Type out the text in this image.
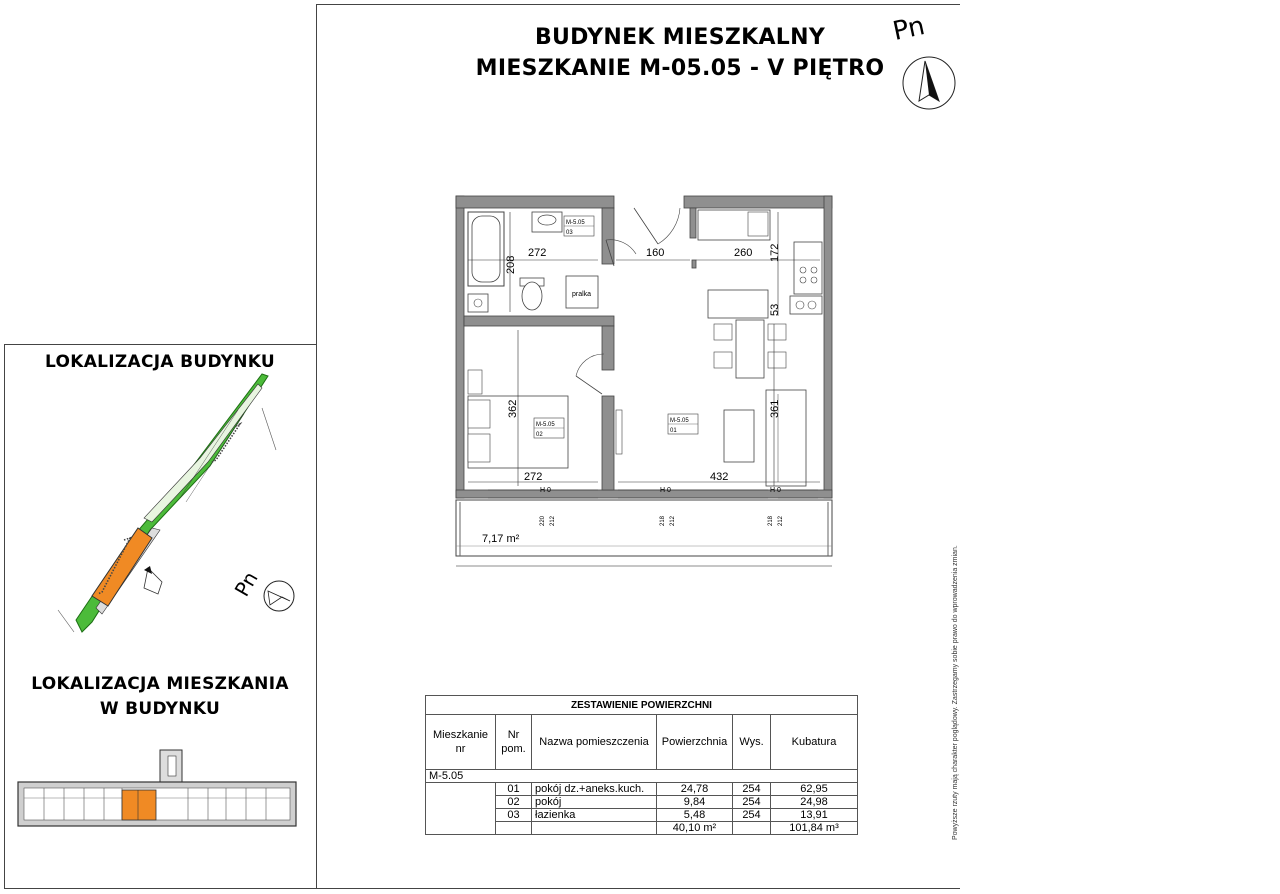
BUDYNEK MIESZKALNY
MIESZKANIE M-05.05 - V PIĘTRO
Pn
LOKALIZACJA BUDYNKU
LOKALIZACJA MIESZKANIA
W BUDYNKU
Pn
M-5.05
03
M-5.05
02
M-5.05
01
pralka
272
208
160	260 172
53
362	361
272	432
H 0	H 0	H 0
220 212	218 212	218 212
7,17 m²
ZESTAWIENIE POWIERZCHNI					
Mieszkanie nr	Nr pom.	Nazwa pomieszczenia	Powierzchnia	Wys.	Kubatura
M-5.05					
	01	pokój dz.+aneks.kuch.	24,78	254	62,95
	02	pokój	9,84	254	24,98
	03	łazienka	5,48	254	13,91
			40,10 m²		101,84 m³	Powyższe rzuty mają charakter poglądowy. Zastrzegamy sobie prawo do wprowadzenia zmian.
